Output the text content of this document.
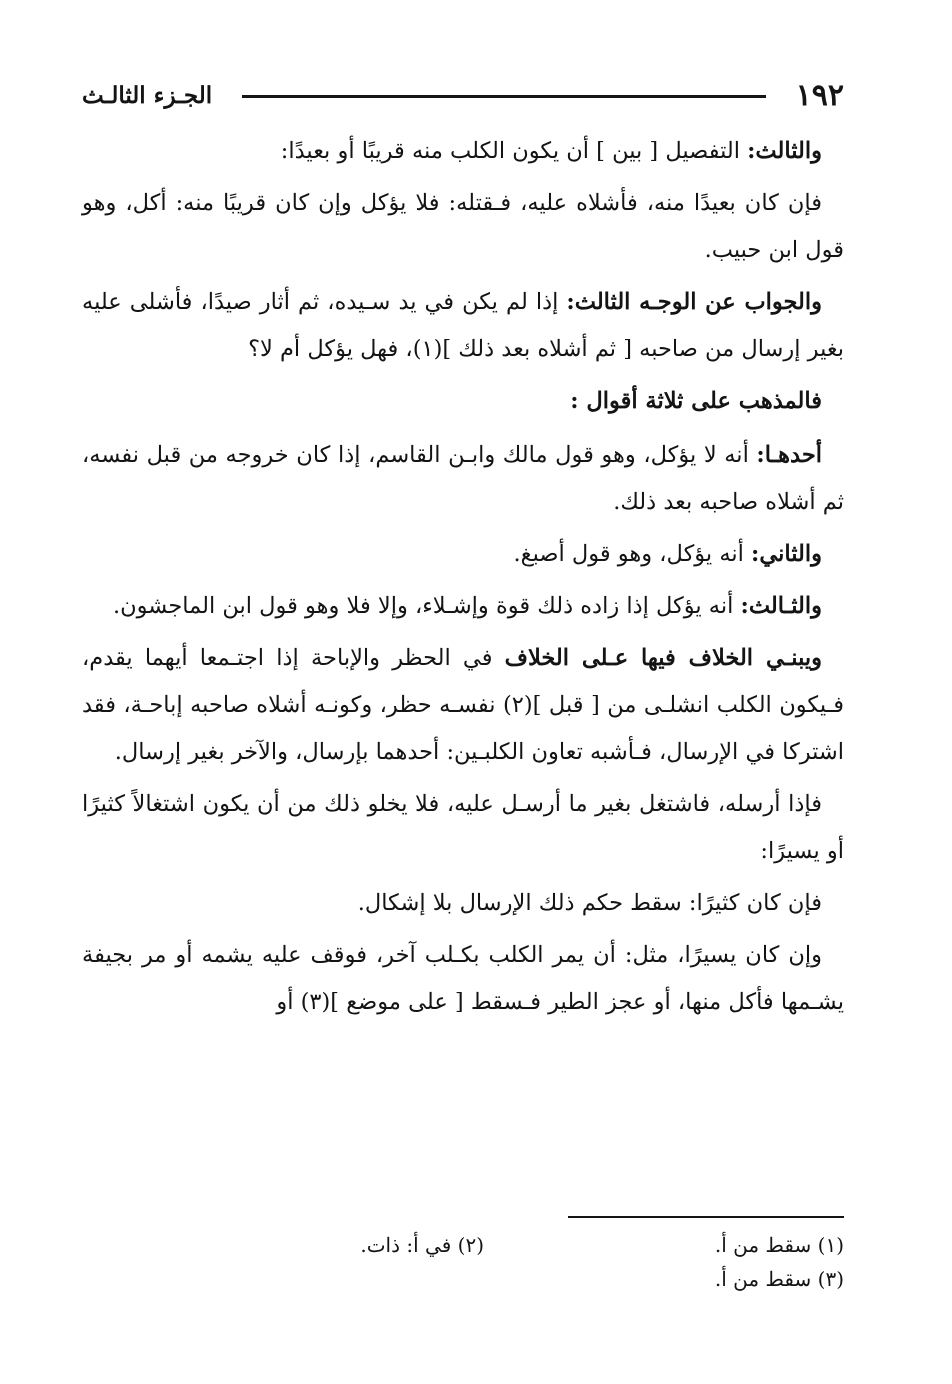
١٩٢
الجـزء الثالـث

والثالث: التفصيل [ بين ] أن يكون الكلب منه قريبًا أو بعيدًا:

فإن كان بعيدًا منه، فأشلاه عليه، فـقتله: فلا يؤكل وإن كان قريبًا منه: أكل، وهو قول ابن حبيب.

والجواب عن الوجـه الثالث: إذا لم يكن في يد سـيده، ثم أثار صيدًا، فأشلى عليه بغير إرسال من صاحبه [ ثم أشلاه بعد ذلك ](١)، فهل يؤكل أم لا؟

فالمذهب على ثلاثة أقوال :

أحدهـا: أنه لا يؤكل، وهو قول مالك وابـن القاسم، إذا كان خروجه من قبل نفسه، ثم أشلاه صاحبه بعد ذلك.

والثاني: أنه يؤكل، وهو قول أصبغ.

والثـالث: أنه يؤكل إذا زاده ذلك قوة وإشـلاء، وإلا فلا وهو قول ابن الماجشون.

ويبنـي الخلاف فيها عـلى الخلاف في الحظر والإباحة إذا اجتـمعا أيهما يقدم، فـيكون الكلب انشلـى من [ قبل ](٢) نفسـه حظر، وكونـه أشلاه صاحبه إباحـة، فقد اشتركا في الإرسال، فـأشبه تعاون الكلبـين: أحدهما بإرسال، والآخر بغير إرسال.

فإذا أرسله، فاشتغل بغير ما أرسـل عليه، فلا يخلو ذلك من أن يكون اشتغالاً كثيرًا أو يسيرًا:

فإن كان كثيرًا: سقط حكم ذلك الإرسال بلا إشكال.

وإن كان يسيرًا، مثل: أن يمر الكلب بكـلب آخر، فوقف عليه يشمه أو مر بجيفة يشـمها فأكل منها، أو عجز الطير فـسقط [ على موضع ](٣) أو

(١) سقط من أ.
(٢) في أ: ذات.
(٣) سقط من أ.
